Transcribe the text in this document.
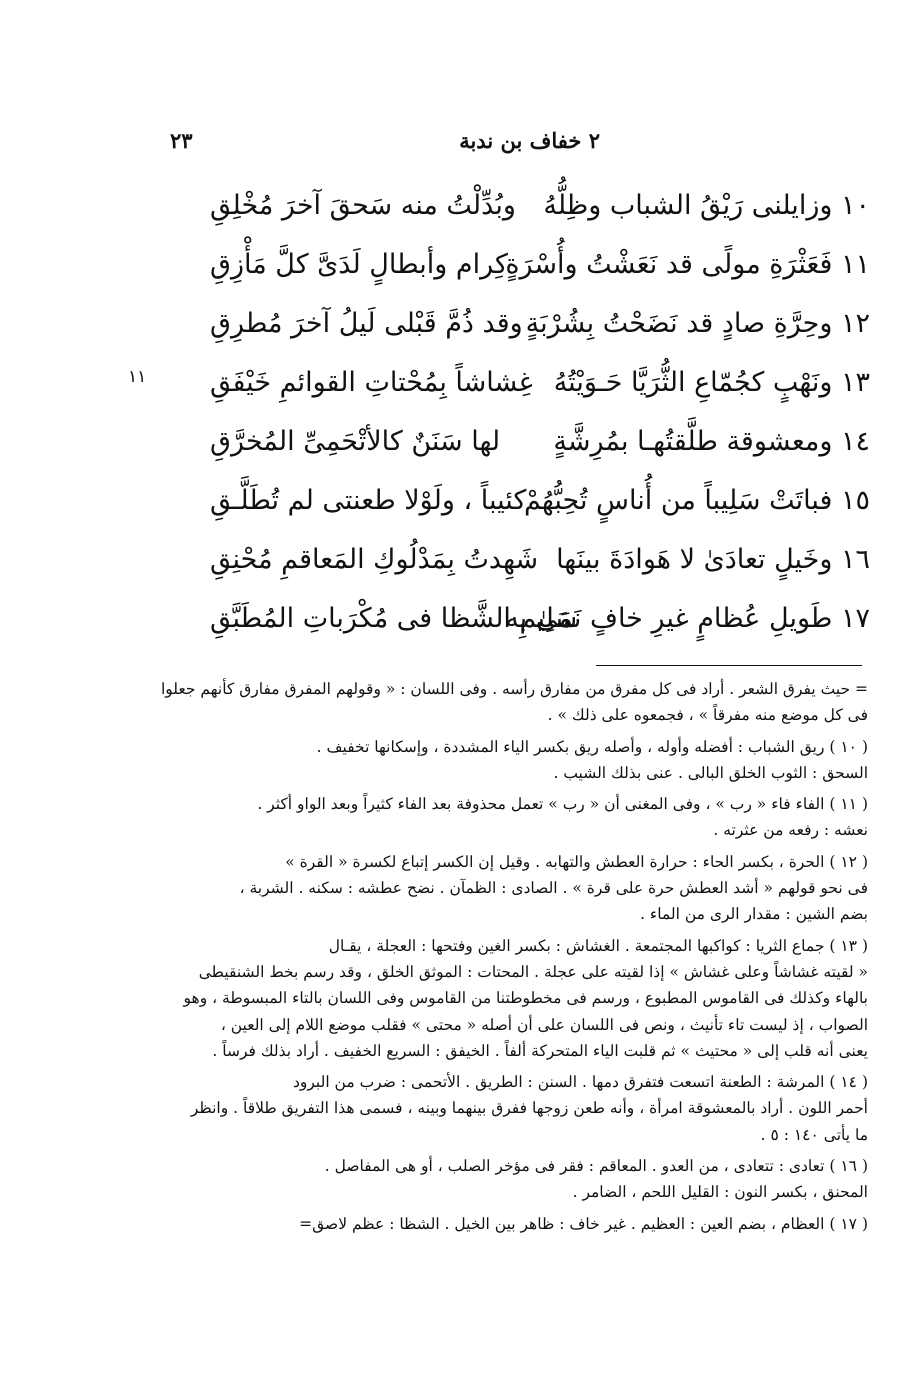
٢٣	٢ خفاف بن ندبة
١١
١٠ وزايلنى رَيْقُ الشباب وظِلُّهُ
وبُدِّلْتُ منه سَحقَ آخرَ مُخْلِقِ
١١ فَعَثْرَةِ مولًى قد نَعَشْتُ وأُسْرَةٍ
كِرام وأبطالٍ لَدَىَّ كلَّ مَأْزِقِ
١٢ وحِرَّةِ صادٍ قد نَضَحْتُ بِشُرْبَةٍ
وقد ذُمَّ قَبْلى لَيلُ آخرَ مُطرِقِ
١٣ ونَهْبٍ كجُمّاعِ الثُّرَيَّا حَـوَيْتُهُ
غِشاشاً بِمُحْتاتِ القوائمِ خَيْفَقِ
١٤ ومعشوقة طلَّقتُهـا بمُرِشَّةٍ
لها سَنَنٌ كالأتْحَمِىِّ المُخرَّقِ
١٥ فباتَتْ سَلِيباً من أُناسٍ تُحِبُّهُمْ
كئيباً ، ولَوْلا طعنتى لم تُطَلَّـقِ
١٦ وخَيلٍ تعادَىٰ لا هَوادَةَ بينَها
شَهِدتُ بِمَدْلُوكِ المَعاقمِ مُحْنِقِ
١٧ طَويلِ عُظامٍ غيرِ خافٍ نَمَىٰ به
سَلِيمِ الشَّظا فى مُكْرَباتِ المُطَبَّقِ
= حيث يفرق الشعر . أراد فى كل مفرق من مفارق رأسه . وفى اللسان : « وقولهم المفرق مفارق كأنهم جعلوا
فى كل موضع منه مفرقاً » ، فجمعوه على ذلك » .
( ١٠ ) ريق الشباب : أفضله وأوله ، وأصله ريق بكسر الياء المشددة ، وإسكانها تخفيف .
السحق : الثوب الخلق البالى . عنى بذلك الشيب .
( ١١ ) الفاء فاء « رب » ، وفى المغنى أن « رب » تعمل محذوفة بعد الفاء كثيراً وبعد الواو أكثر .
نعشه : رفعه من عثرته .
( ١٢ ) الحرة ، بكسر الحاء : حرارة العطش والتهابه . وقيل إن الكسر إتباع لكسرة « القرة »
فى نحو قولهم « أشد العطش حرة على قرة » . الصادى : الظمآن . نضح عطشه : سكنه . الشربة ،
بضم الشين : مقدار الرى من الماء .
( ١٣ ) جماع الثريا : كواكبها المجتمعة . الغشاش : بكسر الغين وفتحها : العجلة ، يقـال
« لقيته غشاشاً وعلى غشاش » إذا لقيته على عجلة . المحتات : الموثق الخلق ، وقد رسم بخط الشنقيطى
بالهاء وكذلك فى القاموس المطبوع ، ورسم فى مخطوطتنا من القاموس وفى اللسان بالتاء المبسوطة ، وهو
الصواب ، إذ ليست تاء تأنيث ، ونص فى اللسان على أن أصله « محتى » فقلب موضع اللام إلى العين ،
يعنى أنه قلب إلى « محتيث » ثم قلبت الياء المتحركة ألفاً . الخيفق : السريع الخفيف . أراد بذلك فرساً .
( ١٤ ) المرشة : الطعنة اتسعت فتفرق دمها . السنن : الطريق . الأتحمى : ضرب من البرود
أحمر اللون . أراد بالمعشوقة امرأة ، وأنه طعن زوجها ففرق بينهما وبينه ، فسمى هذا التفريق طلاقاً . وانظر
ما يأتى ١٤٠ : ٥ .
( ١٦ ) تعادى : تتعادى ، من العدو . المعاقم : فقر فى مؤخر الصلب ، أو هى المفاصل .
المحنق ، بكسر النون : القليل اللحم ، الضامر .
( ١٧ ) العظام ، بضم العين : العظيم . غير خاف : ظاهر بين الخيل . الشظا : عظم لاصق=
